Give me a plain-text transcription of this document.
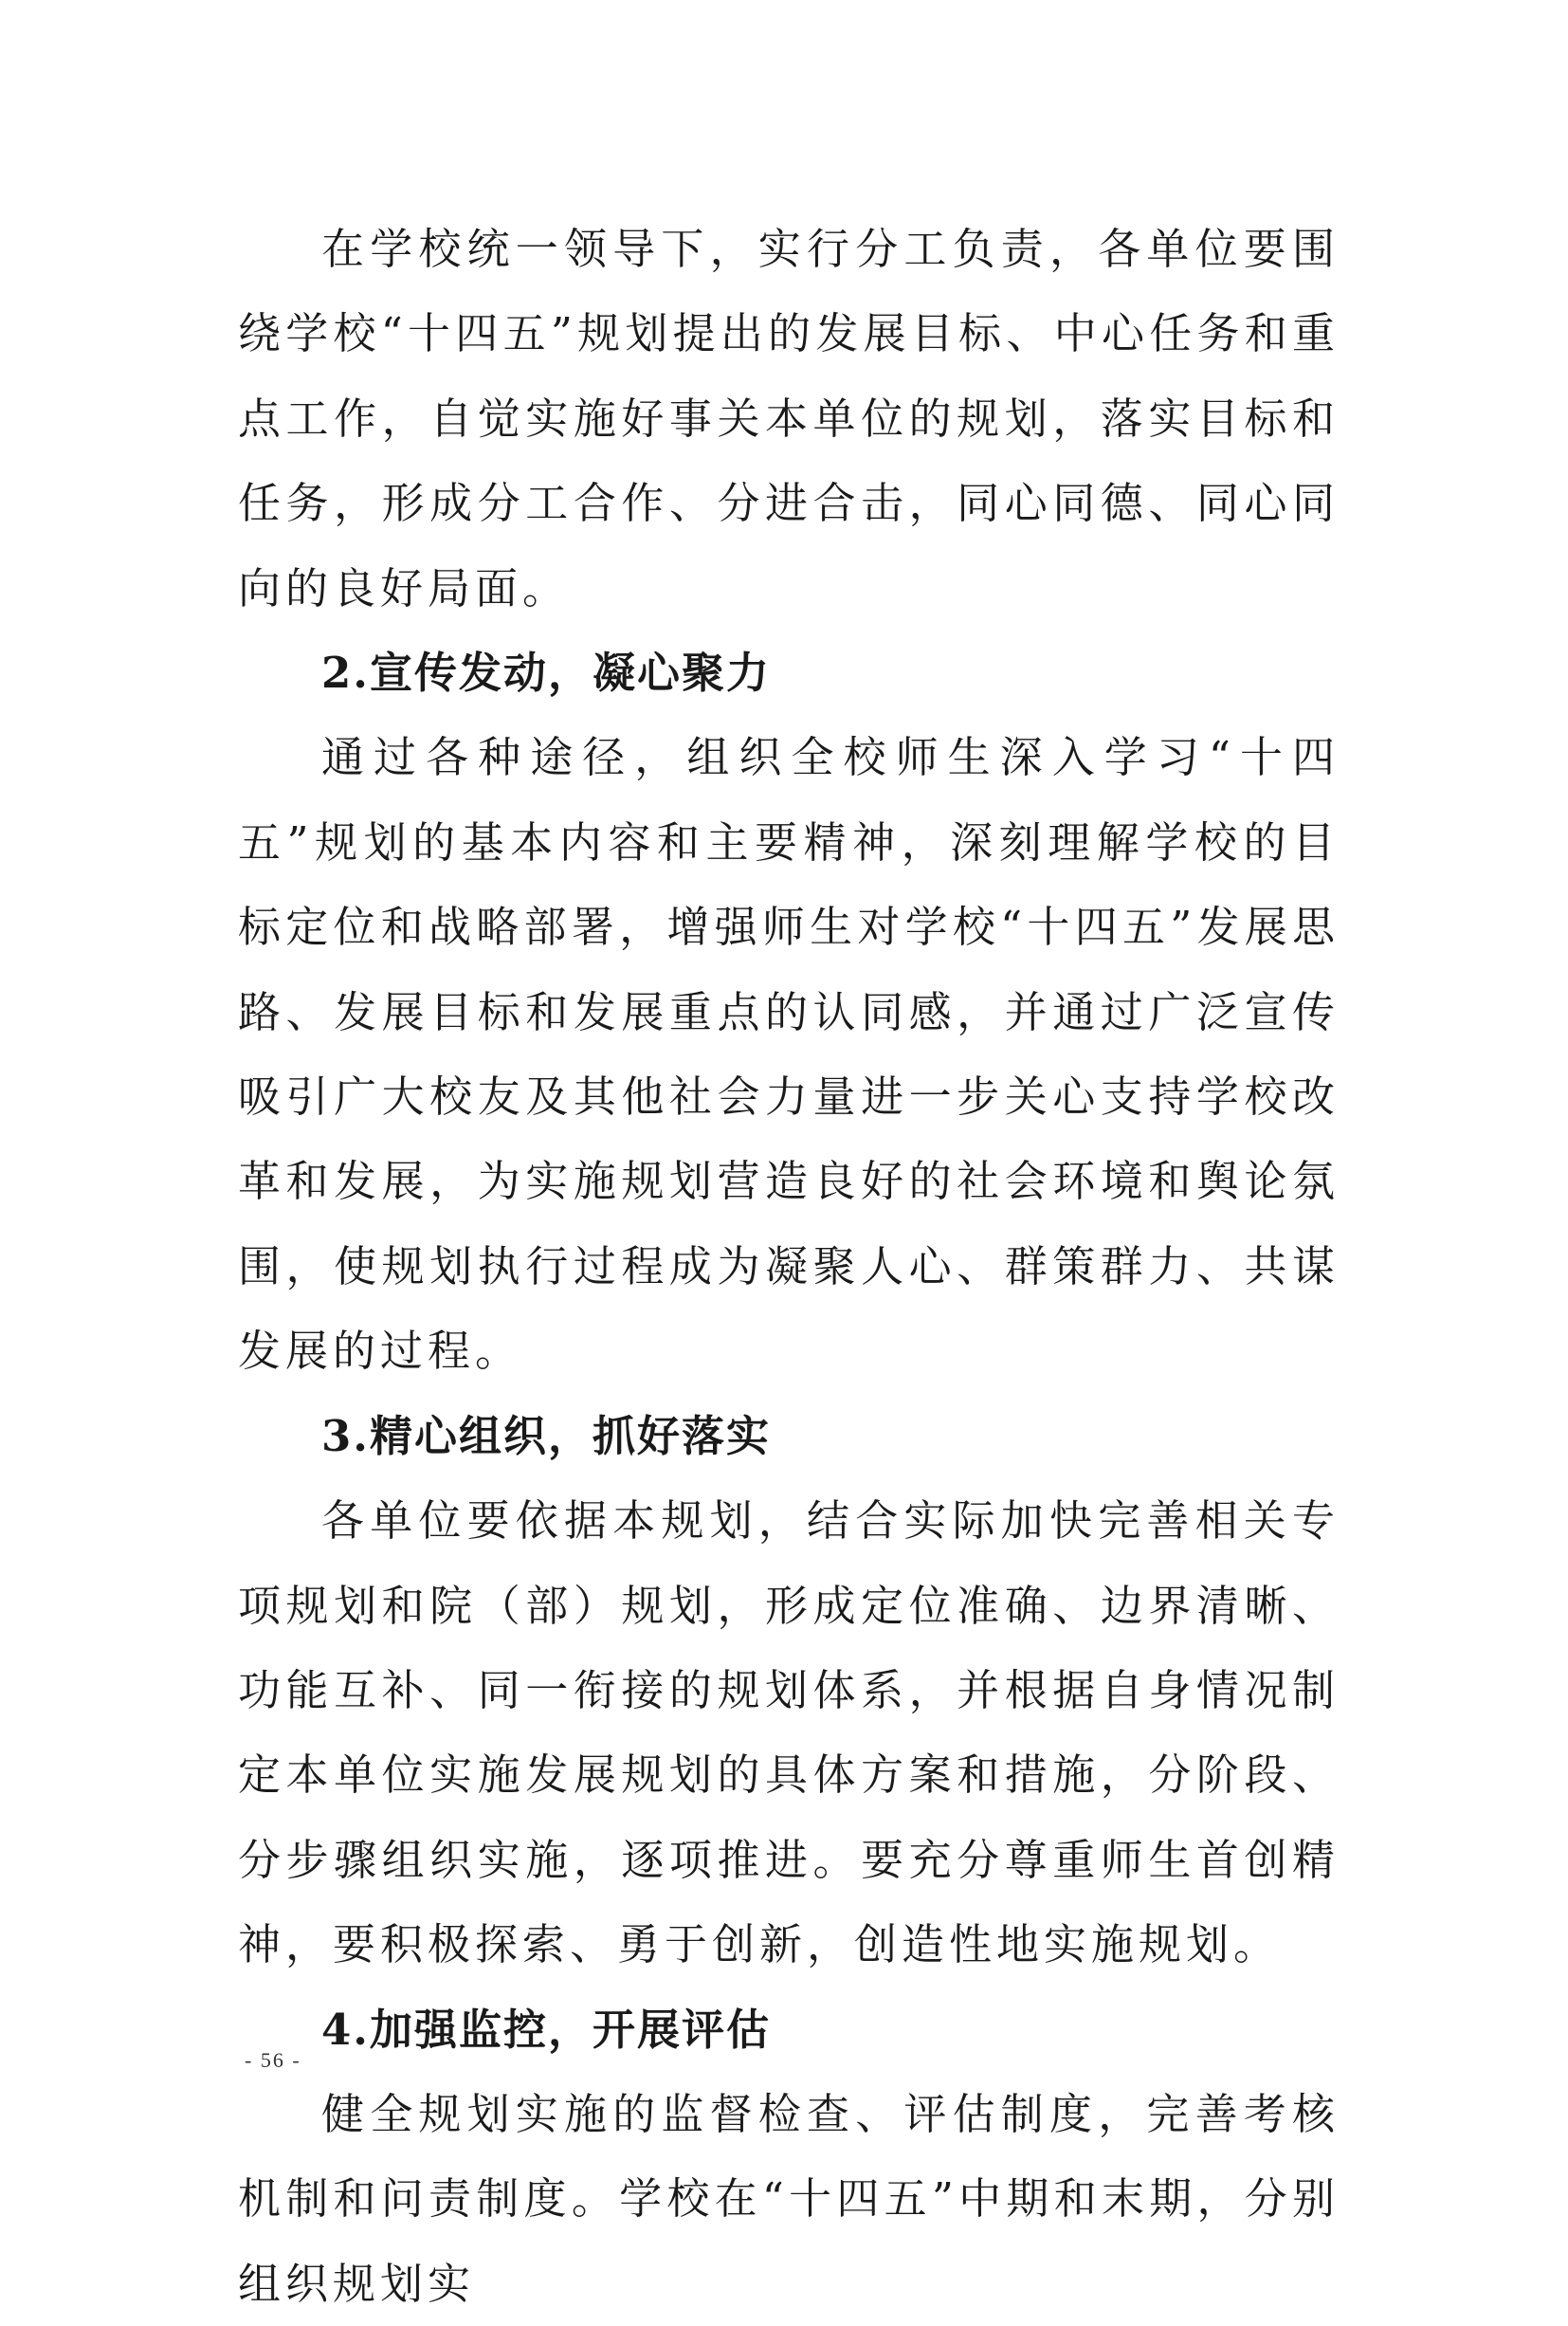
在学校统一领导下，实行分工负责，各单位要围绕学校“十四五”规划提出的发展目标、中心任务和重点工作，自觉实施好事关本单位的规划，落实目标和任务，形成分工合作、分进合击，同心同德、同心同向的良好局面。

2.宣传发动，凝心聚力

通过各种途径，组织全校师生深入学习“十四五”规划的基本内容和主要精神，深刻理解学校的目标定位和战略部署，增强师生对学校“十四五”发展思路、发展目标和发展重点的认同感，并通过广泛宣传吸引广大校友及其他社会力量进一步关心支持学校改革和发展，为实施规划营造良好的社会环境和舆论氛围，使规划执行过程成为凝聚人心、群策群力、共谋发展的过程。

3.精心组织，抓好落实

各单位要依据本规划，结合实际加快完善相关专项规划和院（部）规划，形成定位准确、边界清晰、功能互补、同一衔接的规划体系，并根据自身情况制定本单位实施发展规划的具体方案和措施，分阶段、分步骤组织实施，逐项推进。要充分尊重师生首创精神，要积极探索、勇于创新，创造性地实施规划。

4.加强监控，开展评估

健全规划实施的监督检查、评估制度，完善考核机制和问责制度。学校在“十四五”中期和末期，分别组织规划实

- 56 -
